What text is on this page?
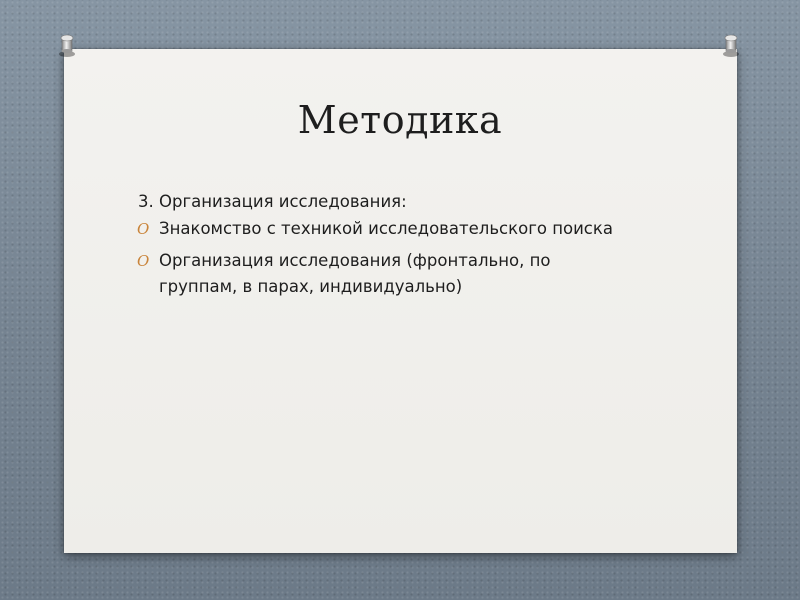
Методика

3. Организация исследования:

O Знакомство с техникой исследовательского поиска
O Организация исследования (фронтально, по группам, в парах, индивидуально)
